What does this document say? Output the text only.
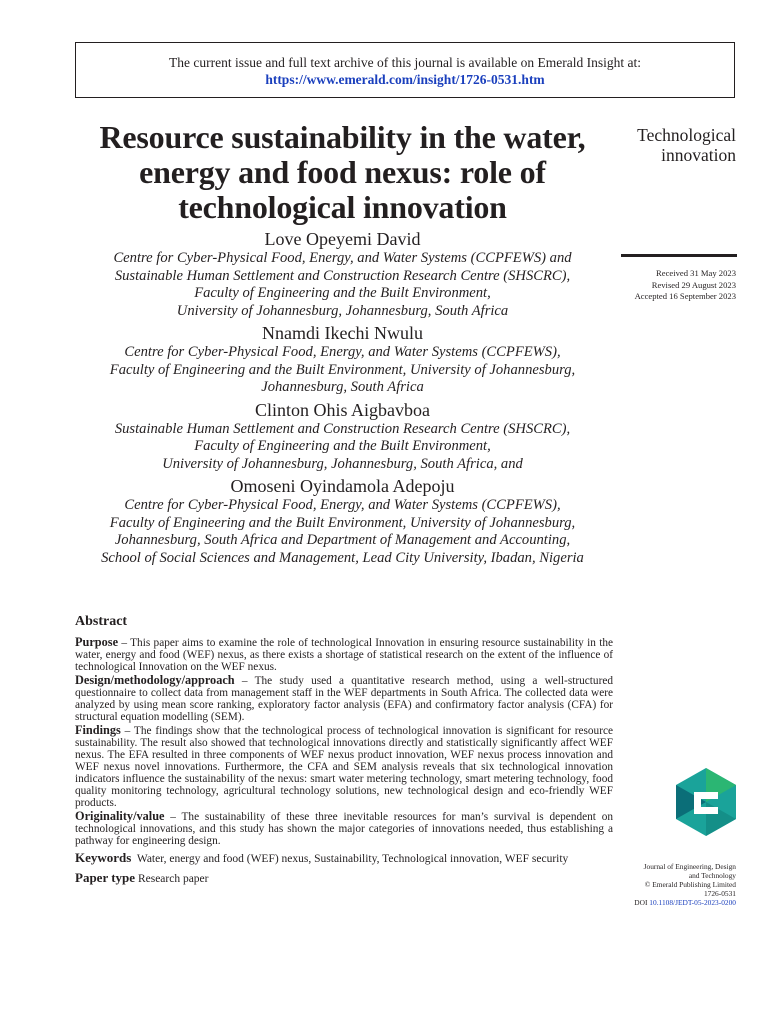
The current issue and full text archive of this journal is available on Emerald Insight at:
https://www.emerald.com/insight/1726-0531.htm
Resource sustainability in the water, energy and food nexus: role of technological innovation
Technological innovation
Received 31 May 2023
Revised 29 August 2023
Accepted 16 September 2023
Love Opeyemi David
Centre for Cyber-Physical Food, Energy, and Water Systems (CCPFEWS) and
Sustainable Human Settlement and Construction Research Centre (SHSCRC),
Faculty of Engineering and the Built Environment,
University of Johannesburg, Johannesburg, South Africa
Nnamdi Ikechi Nwulu
Centre for Cyber-Physical Food, Energy, and Water Systems (CCPFEWS),
Faculty of Engineering and the Built Environment, University of Johannesburg,
Johannesburg, South Africa
Clinton Ohis Aigbavboa
Sustainable Human Settlement and Construction Research Centre (SHSCRC),
Faculty of Engineering and the Built Environment,
University of Johannesburg, Johannesburg, South Africa, and
Omoseni Oyindamola Adepoju
Centre for Cyber-Physical Food, Energy, and Water Systems (CCPFEWS),
Faculty of Engineering and the Built Environment, University of Johannesburg,
Johannesburg, South Africa and Department of Management and Accounting,
School of Social Sciences and Management, Lead City University, Ibadan, Nigeria
Abstract

Purpose – This paper aims to examine the role of technological Innovation in ensuring resource sustainability in the water, energy and food (WEF) nexus, as there exists a shortage of statistical research on the extent of the influence of technological Innovation on the WEF nexus.

Design/methodology/approach – The study used a quantitative research method, using a well-structured questionnaire to collect data from management staff in the WEF departments in South Africa. The collected data were analyzed by using mean score ranking, exploratory factor analysis (EFA) and confirmatory factor analysis (CFA) for structural equation modelling (SEM).

Findings – The findings show that the technological process of technological innovation is significant for resource sustainability. The result also showed that technological innovations directly and statistically significantly affect WEF nexus. The EFA resulted in three components of WEF nexus product innovation, WEF nexus process innovation and WEF nexus novel innovations. Furthermore, the CFA and SEM analysis reveals that six technological innovation indicators influence the sustainability of the nexus: smart water metering technology, smart metering technology, food quality monitoring technology, agricultural technology solutions, new technological design and eco-friendly WEF products.

Originality/value – The sustainability of these three inevitable resources for man’s survival is dependent on technological innovations, and this study has shown the major categories of innovations needed, thus establishing a pathway for engineering design.

Keywords Water, energy and food (WEF) nexus, Sustainability, Technological innovation, WEF security
Paper type Research paper
Journal of Engineering, Design
and Technology
© Emerald Publishing Limited
1726-0531
DOI 10.1108/JEDT-05-2023-0200
